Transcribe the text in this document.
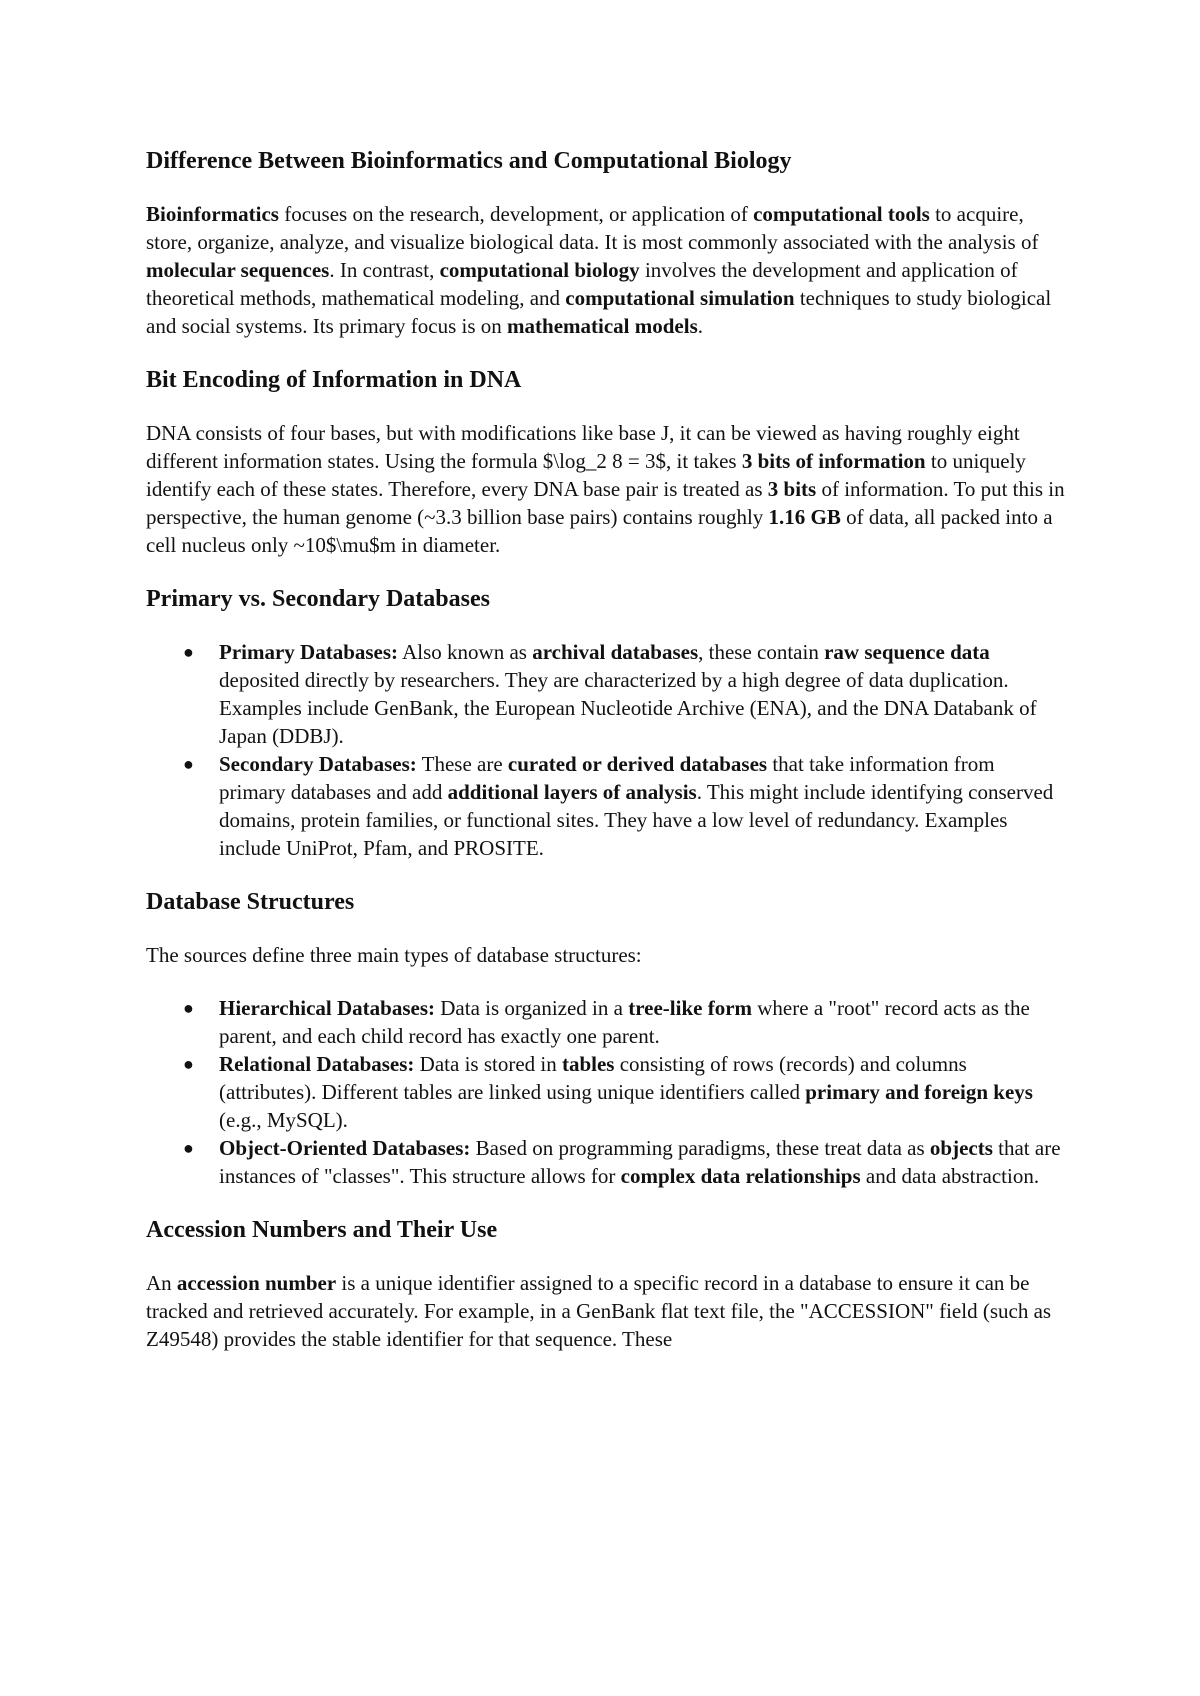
Difference Between Bioinformatics and Computational Biology

Bioinformatics focuses on the research, development, or application of computational tools to acquire, store, organize, analyze, and visualize biological data. It is most commonly associated with the analysis of molecular sequences. In contrast, computational biology involves the development and application of theoretical methods, mathematical modeling, and computational simulation techniques to study biological and social systems. Its primary focus is on mathematical models.

Bit Encoding of Information in DNA

DNA consists of four bases, but with modifications like base J, it can be viewed as having roughly eight different information states. Using the formula $\log_2 8 = 3$, it takes 3 bits of information to uniquely identify each of these states. Therefore, every DNA base pair is treated as 3 bits of information. To put this in perspective, the human genome (~3.3 billion base pairs) contains roughly 1.16 GB of data, all packed into a cell nucleus only ~10$\mu$m in diameter.

Primary vs. Secondary Databases
● Primary Databases: Also known as archival databases, these contain raw sequence data deposited directly by researchers. They are characterized by a high degree of data duplication. Examples include GenBank, the European Nucleotide Archive (ENA), and the DNA Databank of Japan (DDBJ).
● Secondary Databases: These are curated or derived databases that take information from primary databases and add additional layers of analysis. This might include identifying conserved domains, protein families, or functional sites. They have a low level of redundancy. Examples include UniProt, Pfam, and PROSITE.
Database Structures

The sources define three main types of database structures:

● Hierarchical Databases: Data is organized in a tree-like form where a "root" record acts as the parent, and each child record has exactly one parent.
● Relational Databases: Data is stored in tables consisting of rows (records) and columns (attributes). Different tables are linked using unique identifiers called primary and foreign keys (e.g., MySQL).
● Object-Oriented Databases: Based on programming paradigms, these treat data as objects that are instances of "classes". This structure allows for complex data relationships and data abstraction.
Accession Numbers and Their Use

An accession number is a unique identifier assigned to a specific record in a database to ensure it can be tracked and retrieved accurately. For example, in a GenBank flat text file, the "ACCESSION" field (such as Z49548) provides the stable identifier for that sequence. These
